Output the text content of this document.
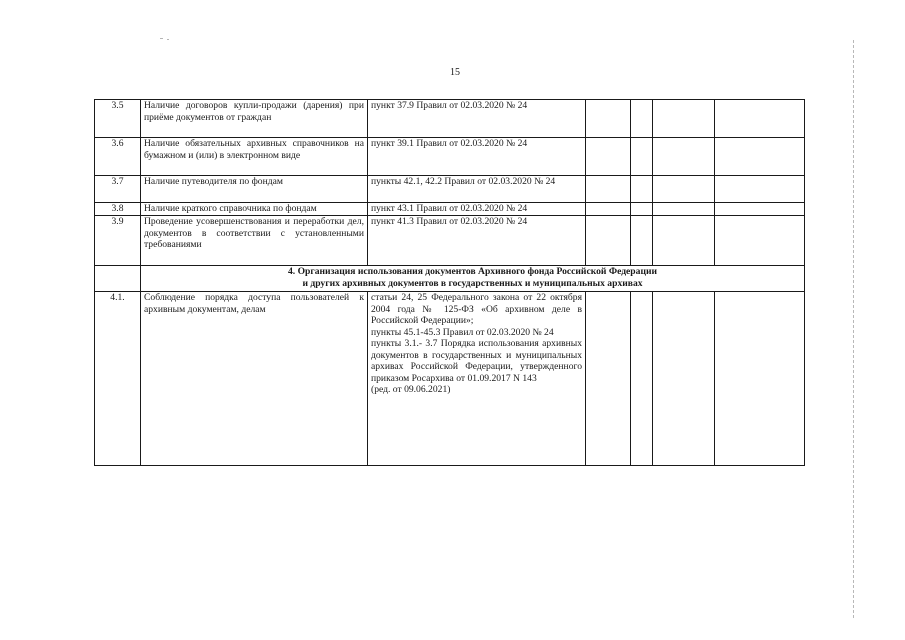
15
3.5	Наличие договоров купли-продажи (дарения) при приёме документов от граждан	пункт 37.9 Правил от 02.03.2020 № 24				
3.6	Наличие обязательных архивных справочников на бумажном и (или) в электронном виде	пункт 39.1 Правил от 02.03.2020 № 24				
3.7	Наличие путеводителя по фондам	пункты 42.1, 42.2 Правил от 02.03.2020 № 24				
3.8	Наличие краткого справочника по фондам	пункт 43.1 Правил от 02.03.2020 № 24				
3.9	Проведение усовершенствования и переработки дел, документов в соответствии с установленными требованиями	пункт 41.3 Правил от 02.03.2020 № 24				

	4. Организация использования документов Архивного фонда Российской Федерации
и других архивных документов в государственных и муниципальных архивах					

4.1.	Соблюдение порядка доступа пользователей к архивным документам, делам	статьи 24, 25 Федерального закона от 22 октября 2004 года № 125-ФЗ «Об архивном деле в Российской Федерации»;
пункты 45.1-45.3 Правил от 02.03.2020 № 24
пункты 3.1.- 3.7 Порядка использования архивных документов в государственных и муниципальных архивах Российской Федерации, утвержденного приказом Росархива от 01.09.2017 N 143
(ред. от 09.06.2021)				
